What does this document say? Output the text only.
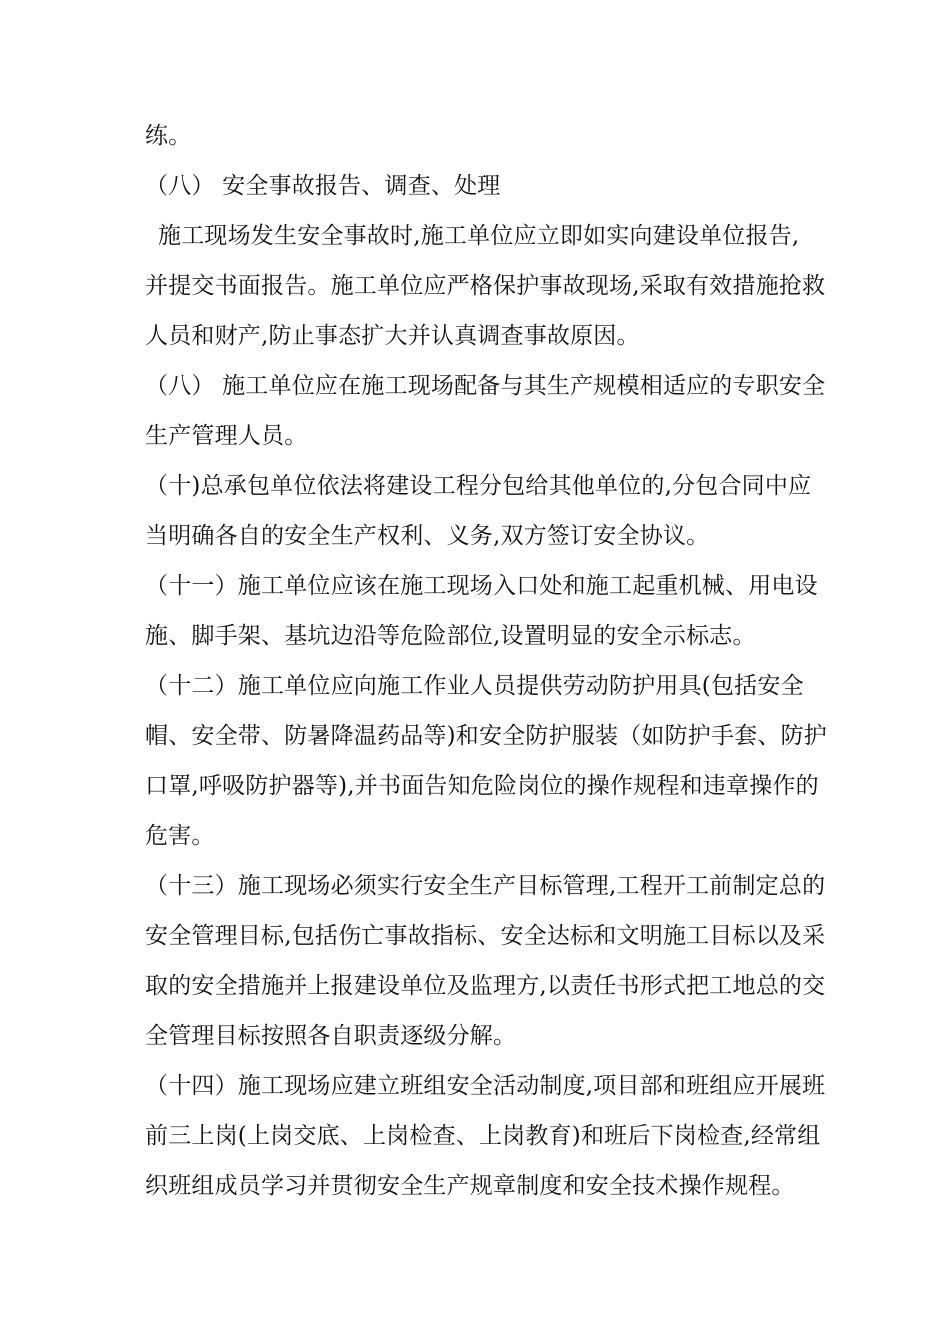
练。
（八） 安全事故报告、调查、处理
施工现场发生安全事故时,施工单位应立即如实向建设单位报告,
并提交书面报告。施工单位应严格保护事故现场,采取有效措施抢救
人员和财产,防止事态扩大并认真调查事故原因。
（八） 施工单位应在施工现场配备与其生产规模相适应的专职安全
生产管理人员。
（十)总承包单位依法将建设工程分包给其他单位的,分包合同中应
当明确各自的安全生产权利、义务,双方签订安全协议。
（十一）施工单位应该在施工现场入口处和施工起重机械、用电设
施、脚手架、基坑边沿等危险部位,设置明显的安全示标志。
（十二）施工单位应向施工作业人员提供劳动防护用具(包括安全
帽、安全带、防暑降温药品等)和安全防护服装（如防护手套、防护
口罩,呼吸防护器等),并书面告知危险岗位的操作规程和违章操作的
危害。
（十三）施工现场必须实行安全生产目标管理,工程开工前制定总的
安全管理目标,包括伤亡事故指标、安全达标和文明施工目标以及采
取的安全措施并上报建设单位及监理方,以责任书形式把工地总的交
全管理目标按照各自职责逐级分解。
（十四）施工现场应建立班组安全活动制度,项目部和班组应开展班
前三上岗(上岗交底、上岗检查、上岗教育)和班后下岗检查,经常组
织班组成员学习并贯彻安全生产规章制度和安全技术操作规程。
